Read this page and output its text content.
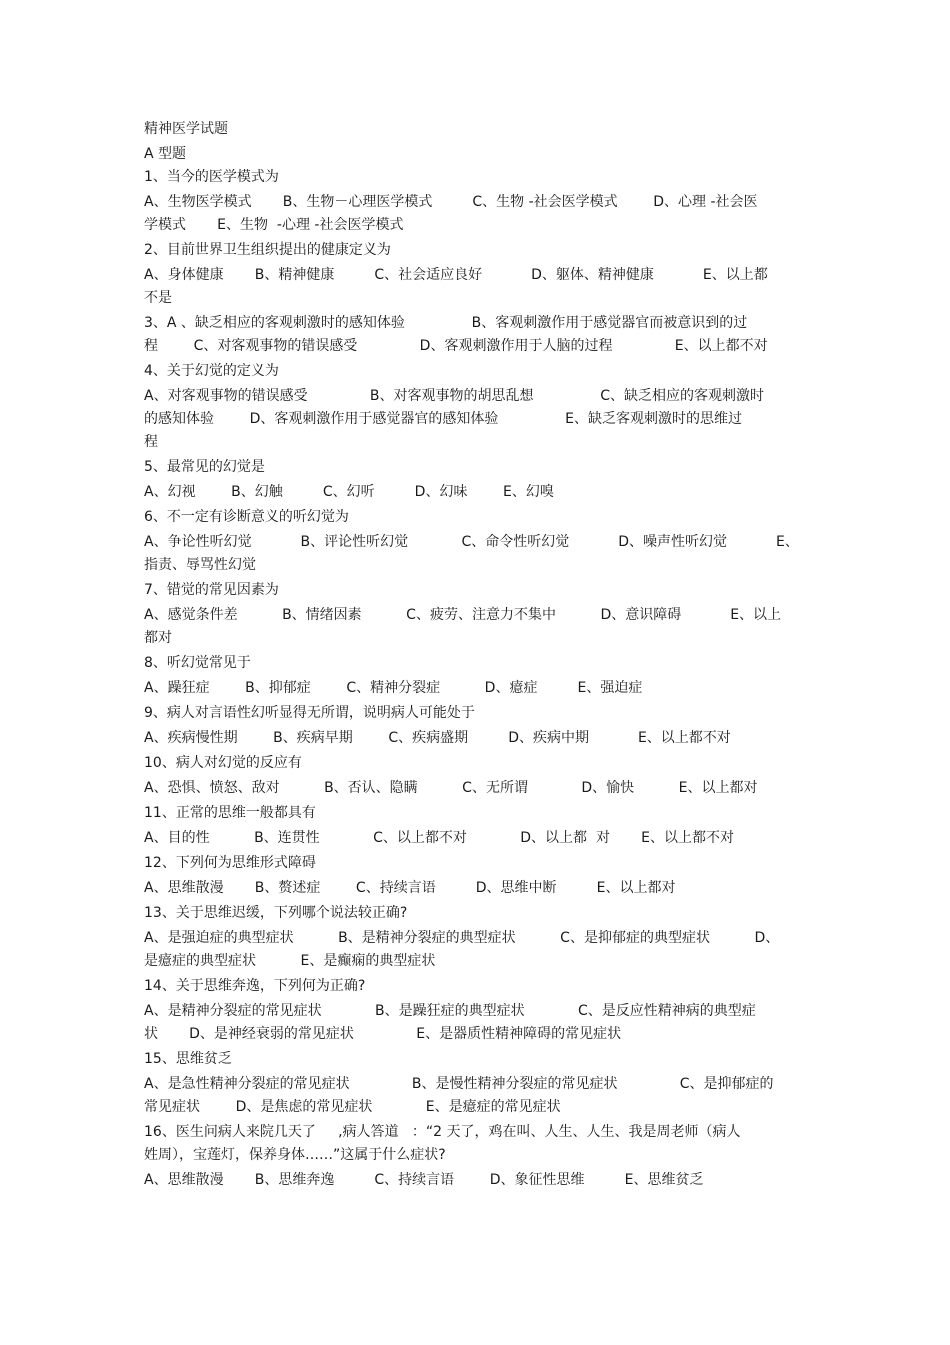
精神医学试题

A 型题

1、当今的医学模式为

A、生物医学模式       B、生物－心理医学模式         C、生物 -社会医学模式        D、心理 -社会医

学模式       E、生物  -心理 -社会医学模式

2、目前世界卫生组织提出的健康定义为

A、身体健康       B、精神健康         C、社会适应良好           D、躯体、精神健康           E、以上都

不是

3、A 、缺乏相应的客观刺激时的感知体验               B、客观刺激作用于感觉器官而被意识到的过

程        C、对客观事物的错误感受              D、客观刺激作用于人脑的过程              E、以上都不对

4、关于幻觉的定义为

A、对客观事物的错误感受              B、对客观事物的胡思乱想               C、缺乏相应的客观刺激时

的感知体验        D、客观刺激作用于感觉器官的感知体验               E、缺乏客观刺激时的思维过

程

5、最常见的幻觉是

A、幻视        B、幻触         C、幻听         D、幻味        E、幻嗅

6、不一定有诊断意义的听幻觉为

A、争论性听幻觉           B、评论性听幻觉            C、命令性听幻觉           D、噪声性听幻觉           E、

指责、辱骂性幻觉

7、错觉的常见因素为

A、感觉条件差          B、情绪因素          C、疲劳、注意力不集中          D、意识障碍           E、以上

都对

8、听幻觉常见于

A、躁狂症        B、抑郁症        C、精神分裂症          D、癔症         E、强迫症

9、病人对言语性幻听显得无所谓，说明病人可能处于

A、疾病慢性期        B、疾病早期        C、疾病盛期         D、疾病中期           E、以上都不对

10、病人对幻觉的反应有

A、恐惧、愤怒、敌对          B、否认、隐瞒          C、无所谓            D、愉快          E、以上都对

11、正常的思维一般都具有

A、目的性          B、连贯性            C、以上都不对            D、以上都  对       E、以上都不对

12、下列何为思维形式障碍

A、思维散漫       B、赘述症        C、持续言语         D、思维中断         E、以上都对

13、关于思维迟缓，下列哪个说法较正确?

A、是强迫症的典型症状          B、是精神分裂症的典型症状          C、是抑郁症的典型症状          D、

是癔症的典型症状          E、是癫痫的典型症状

14、关于思维奔逸，下列何为正确?

A、是精神分裂症的常见症状            B、是躁狂症的典型症状            C、是反应性精神病的典型症

状       D、是神经衰弱的常见症状              E、是器质性精神障碍的常见症状

15、思维贫乏

A、是急性精神分裂症的常见症状              B、是慢性精神分裂症的常见症状              C、是抑郁症的

常见症状        D、是焦虑的常见症状            E、是癔症的常见症状

16、医生问病人来院几天了     ,病人答道   ：“2 天了，鸡在叫、人生、人生、我是周老师（病人

姓周），宝莲灯，保养身体……”这属于什么症状?

A、思维散漫       B、思维奔逸         C、持续言语        D、象征性思维         E、思维贫乏
